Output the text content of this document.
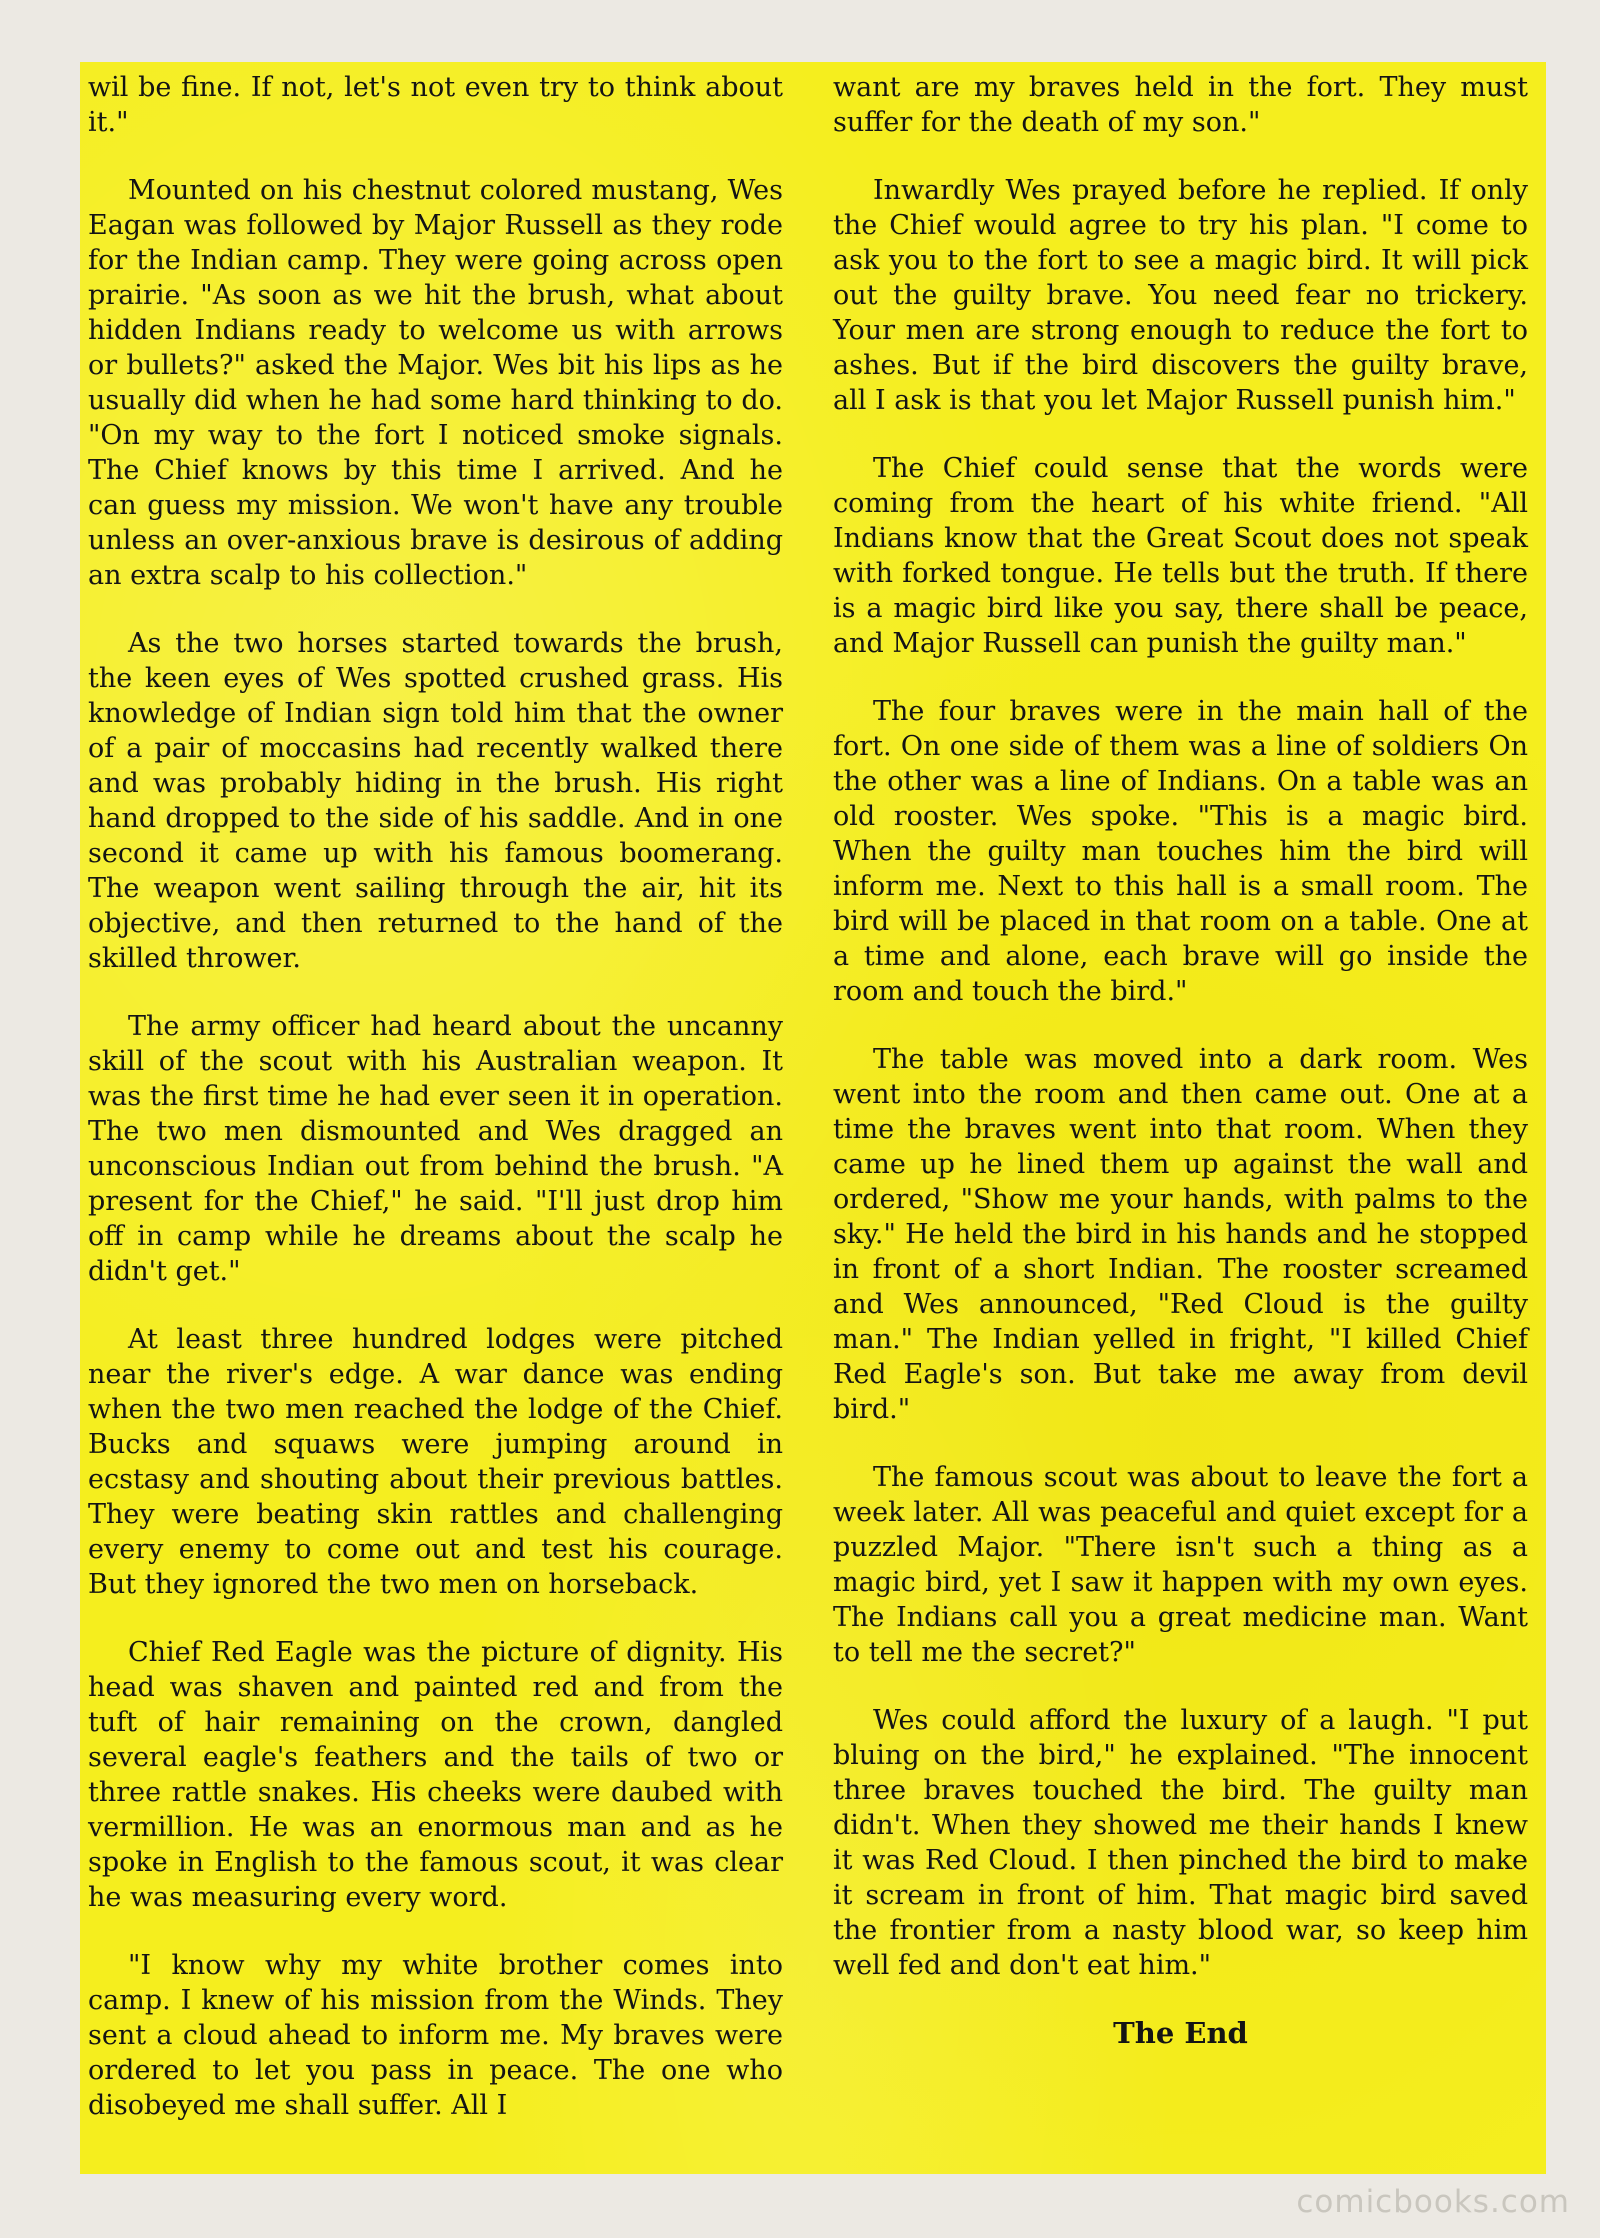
wil be fine. If not, let's not even try to think about it."

Mounted on his chestnut colored mustang, Wes Eagan was followed by Major Russell as they rode for the Indian camp. They were going across open prairie. "As soon as we hit the brush, what about hidden Indians ready to welcome us with arrows or bullets?" asked the Major. Wes bit his lips as he usually did when he had some hard thinking to do. "On my way to the fort I noticed smoke signals. The Chief knows by this time I arrived. And he can guess my mission. We won't have any trouble unless an over-anxious brave is desirous of adding an extra scalp to his collection."

As the two horses started towards the brush, the keen eyes of Wes spotted crushed grass. His knowledge of Indian sign told him that the owner of a pair of moccasins had recently walked there and was probably hiding in the brush. His right hand dropped to the side of his saddle. And in one second it came up with his famous boomerang. The weapon went sailing through the air, hit its objective, and then returned to the hand of the skilled thrower.

The army officer had heard about the uncanny skill of the scout with his Australian weapon. It was the first time he had ever seen it in operation. The two men dismounted and Wes dragged an unconscious Indian out from behind the brush. "A present for the Chief," he said. "I'll just drop him off in camp while he dreams about the scalp he didn't get."

At least three hundred lodges were pitched near the river's edge. A war dance was ending when the two men reached the lodge of the Chief. Bucks and squaws were jumping around in ecstasy and shouting about their previous battles. They were beating skin rattles and challenging every enemy to come out and test his courage. But they ignored the two men on horseback.

Chief Red Eagle was the picture of dignity. His head was shaven and painted red and from the tuft of hair remaining on the crown, dangled several eagle's feathers and the tails of two or three rattle snakes. His cheeks were daubed with vermillion. He was an enormous man and as he spoke in English to the famous scout, it was clear he was measuring every word.

"I know why my white brother comes into camp. I knew of his mission from the Winds. They sent a cloud ahead to inform me. My braves were ordered to let you pass in peace. The one who disobeyed me shall suffer. All I

want are my braves held in the fort. They must suffer for the death of my son."

Inwardly Wes prayed before he replied. If only the Chief would agree to try his plan. "I come to ask you to the fort to see a magic bird. It will pick out the guilty brave. You need fear no trickery. Your men are strong enough to reduce the fort to ashes. But if the bird discovers the guilty brave, all I ask is that you let Major Russell punish him."

The Chief could sense that the words were coming from the heart of his white friend. "All Indians know that the Great Scout does not speak with forked tongue. He tells but the truth. If there is a magic bird like you say, there shall be peace, and Major Russell can punish the guilty man."

The four braves were in the main hall of the fort. On one side of them was a line of soldiers On the other was a line of Indians. On a table was an old rooster. Wes spoke. "This is a magic bird. When the guilty man touches him the bird will inform me. Next to this hall is a small room. The bird will be placed in that room on a table. One at a time and alone, each brave will go inside the room and touch the bird."

The table was moved into a dark room. Wes went into the room and then came out. One at a time the braves went into that room. When they came up he lined them up against the wall and ordered, "Show me your hands, with palms to the sky." He held the bird in his hands and he stopped in front of a short Indian. The rooster screamed and Wes announced, "Red Cloud is the guilty man." The Indian yelled in fright, "I killed Chief Red Eagle's son. But take me away from devil bird."

The famous scout was about to leave the fort a week later. All was peaceful and quiet except for a puzzled Major. "There isn't such a thing as a magic bird, yet I saw it happen with my own eyes. The Indians call you a great medicine man. Want to tell me the secret?"

Wes could afford the luxury of a laugh. "I put bluing on the bird," he explained. "The innocent three braves touched the bird. The guilty man didn't. When they showed me their hands I knew it was Red Cloud. I then pinched the bird to make it scream in front of him. That magic bird saved the frontier from a nasty blood war, so keep him well fed and don't eat him."

The End
comicbooks.com
